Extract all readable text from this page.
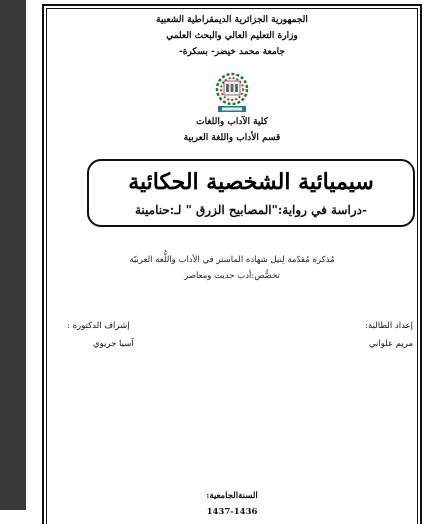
الجمهورية الجزائرية الديمقراطية الشعبية
وزارة التعليم العالي والبحث العلمي
جامعة محمد خيضر- بسكرة-
كلية الآداب واللغات
قسم الأداب واللغة العربية
سيميائية الشخصية الحكائية
-دراسة في رواية:"المصابيح الزرق " لـ:حنامينة
مُذكرة مُقدّمة لِنيل شهادة الماستر في الأداب واللُّغة العربيّة
تخصُّص:أدب حديث ومعاصر
إعداد الطالبة:
مريم علواني
إشراف الدكتورة :
آسيا جريوي
السنةالجامعية:
1437-1436
